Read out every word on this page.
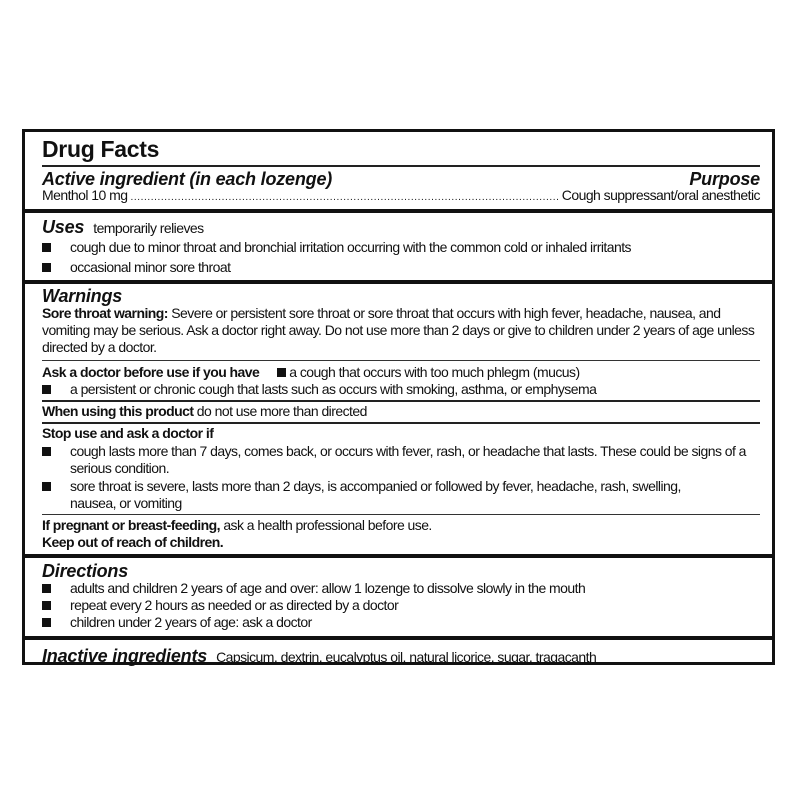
Drug Facts
Active ingredient (in each lozenge)	Purpose
Menthol 10 mg .....	Cough suppressant/oral anesthetic
Uses temporarily relieves
cough due to minor throat and bronchial irritation occurring with the common cold or inhaled irritants
occasional minor sore throat
Warnings
Sore throat warning: Severe or persistent sore throat or sore throat that occurs with high fever, headache, nausea, and vomiting may be serious. Ask a doctor right away. Do not use more than 2 days or give to children under 2 years of age unless directed by a doctor.
Ask a doctor before use if you have a cough that occurs with too much phlegm (mucus)
a persistent or chronic cough that lasts such as occurs with smoking, asthma, or emphysema
When using this product do not use more than directed
Stop use and ask a doctor if
cough lasts more than 7 days, comes back, or occurs with fever, rash, or headache that lasts. These could be signs of a serious condition.
sore throat is severe, lasts more than 2 days, is accompanied or followed by fever, headache, rash, swelling, nausea, or vomiting
If pregnant or breast-feeding, ask a health professional before use.
Keep out of reach of children.
Directions
adults and children 2 years of age and over: allow 1 lozenge to dissolve slowly in the mouth
repeat every 2 hours as needed or as directed by a doctor
children under 2 years of age: ask a doctor
Inactive ingredients Capsicum, dextrin, eucalyptus oil, natural licorice, sugar, tragacanth
